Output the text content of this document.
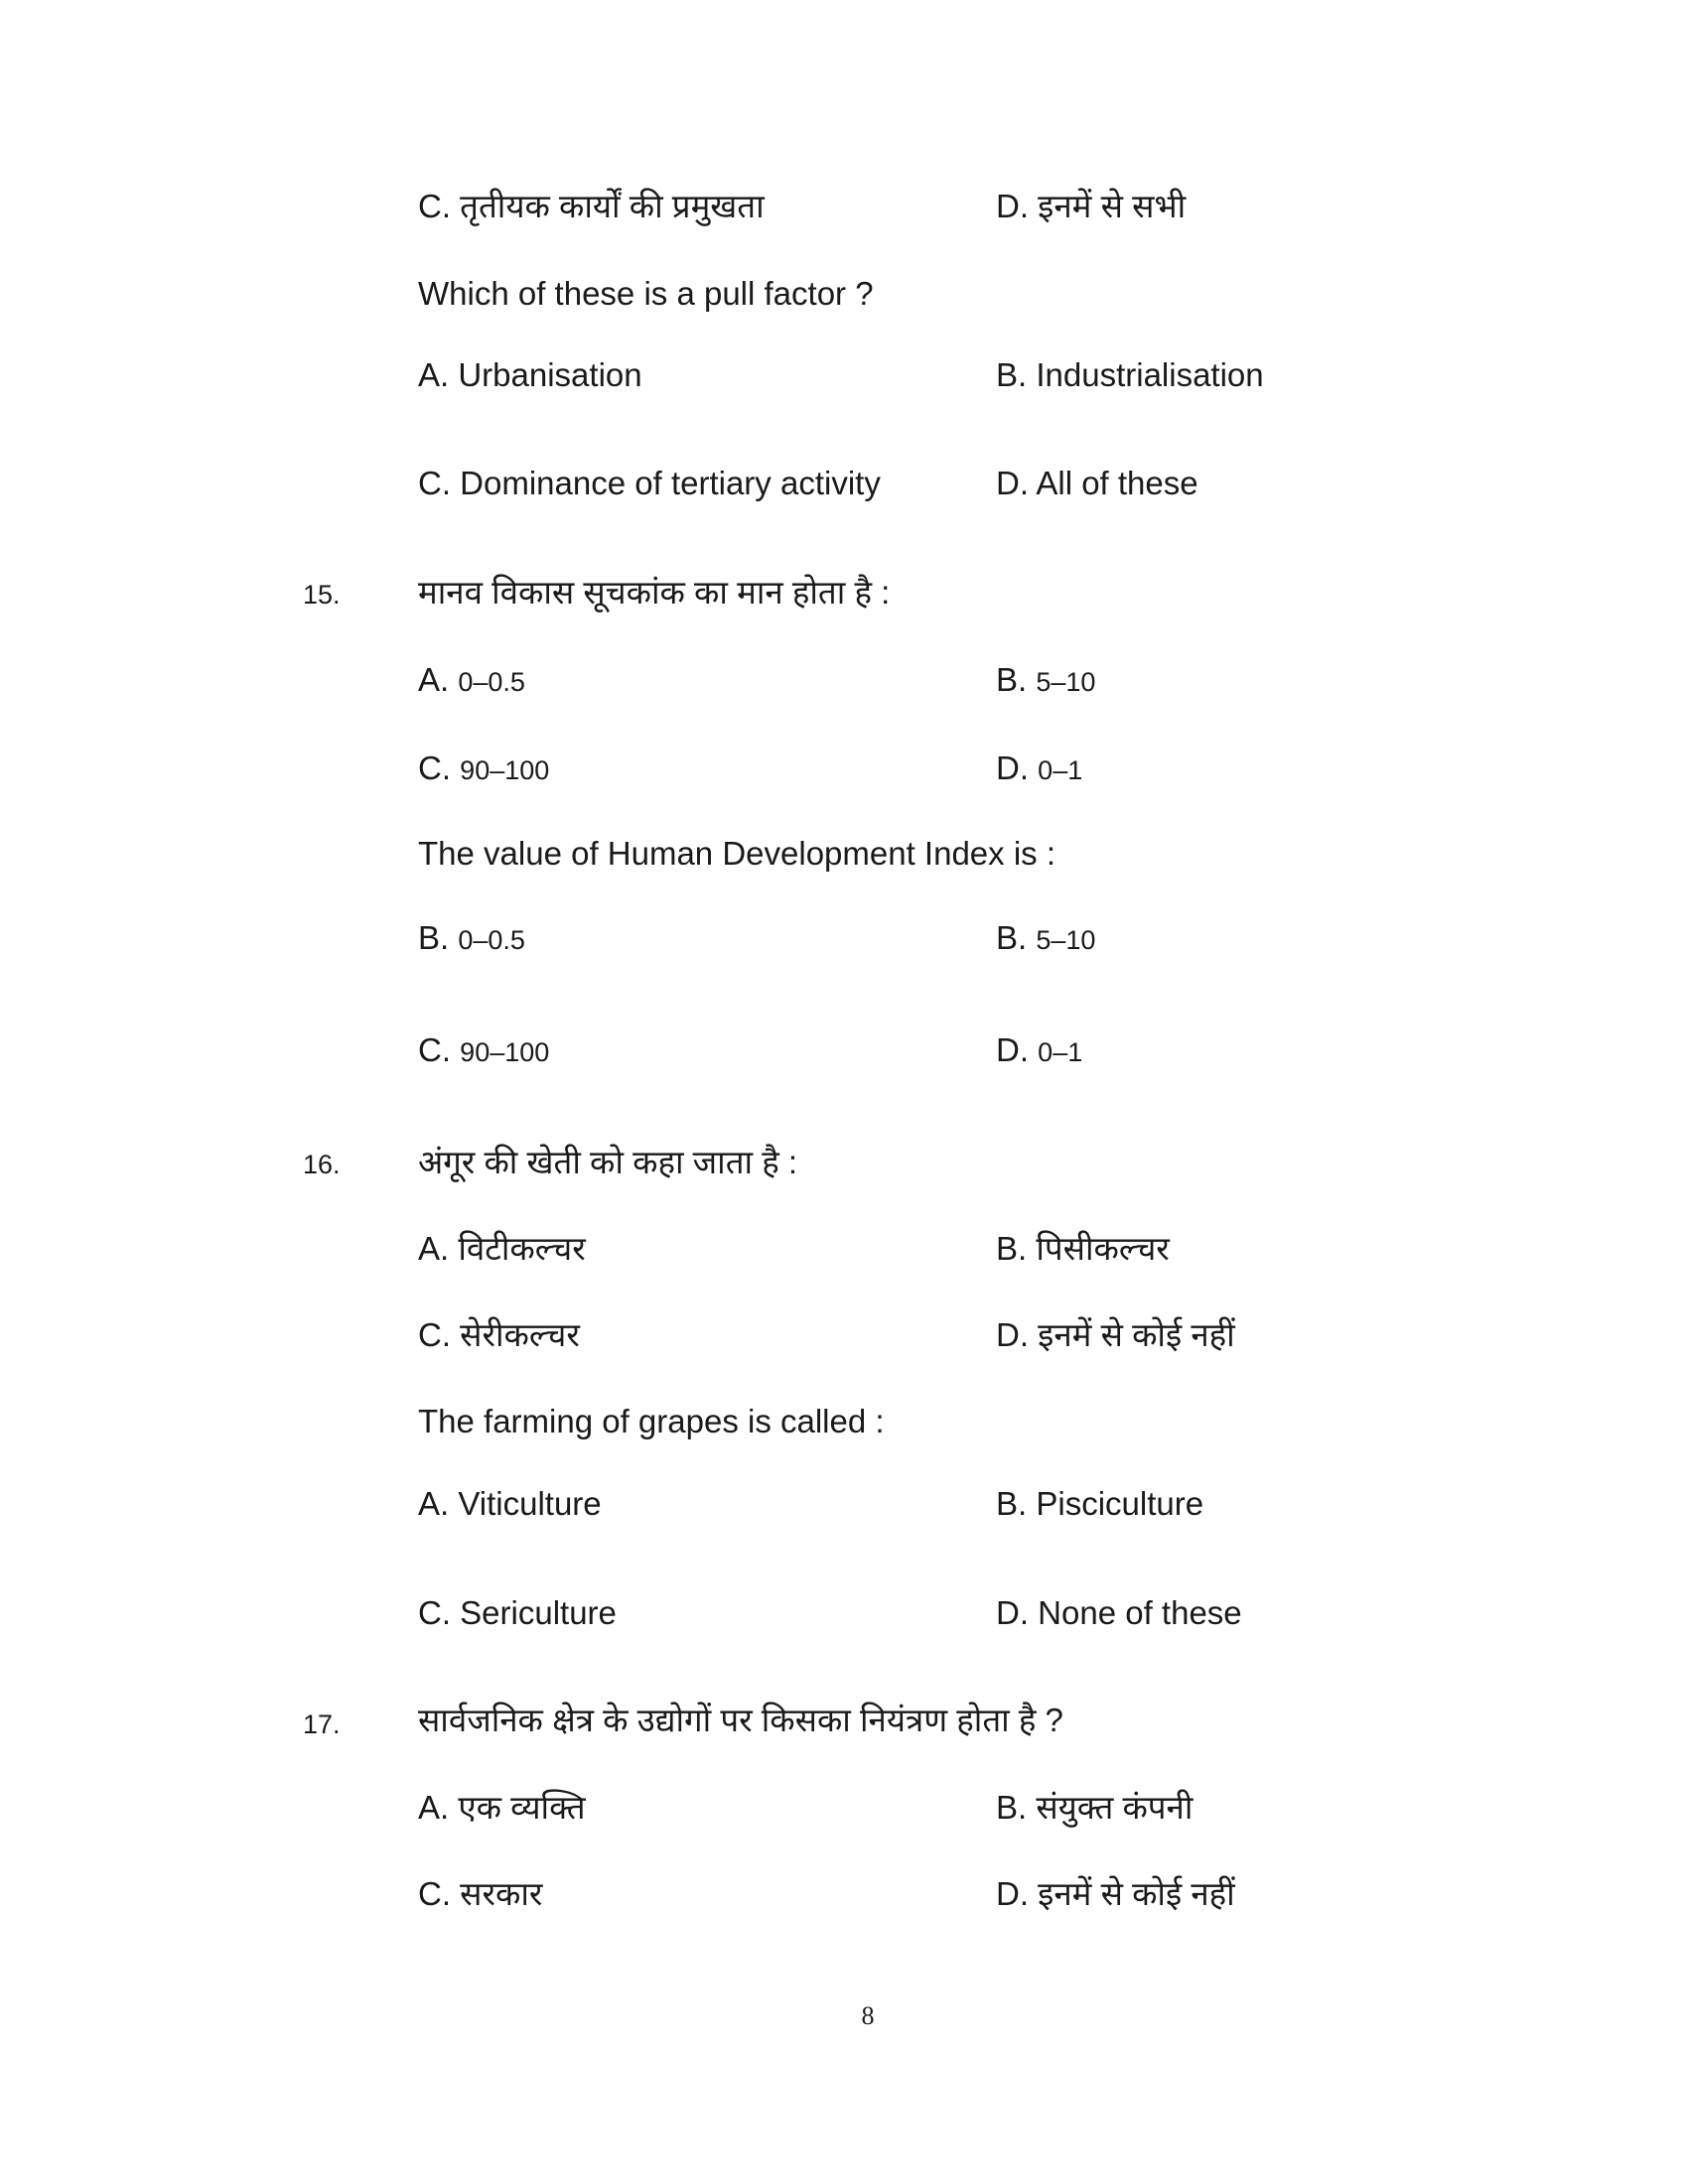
C. तृतीयक कार्यों की प्रमुखता	D. इनमें से सभी
Which of these is a pull factor ?
A. Urbanisation	B. Industrialisation
C. Dominance of tertiary activity	D. All of these
15. मानव विकास सूचकांक का मान होता है :
A. 0–0.5	B. 5–10
C. 90–100	D. 0–1
The value of Human Development Index is :
B. 0–0.5	B. 5–10
C. 90–100	D. 0–1
16. अंगूर की खेती को कहा जाता है :
A. विटीकल्चर	B. पिसीकल्चर
C. सेरीकल्चर	D. इनमें से कोई नहीं
The farming of grapes is called :
A. Viticulture	B. Pisciculture
C. Sericulture	D. None of these
17. सार्वजनिक क्षेत्र के उद्योगों पर किसका नियंत्रण होता है ?
A. एक व्यक्ति	B. संयुक्त कंपनी
C. सरकार	D. इनमें से कोई नहीं
8
